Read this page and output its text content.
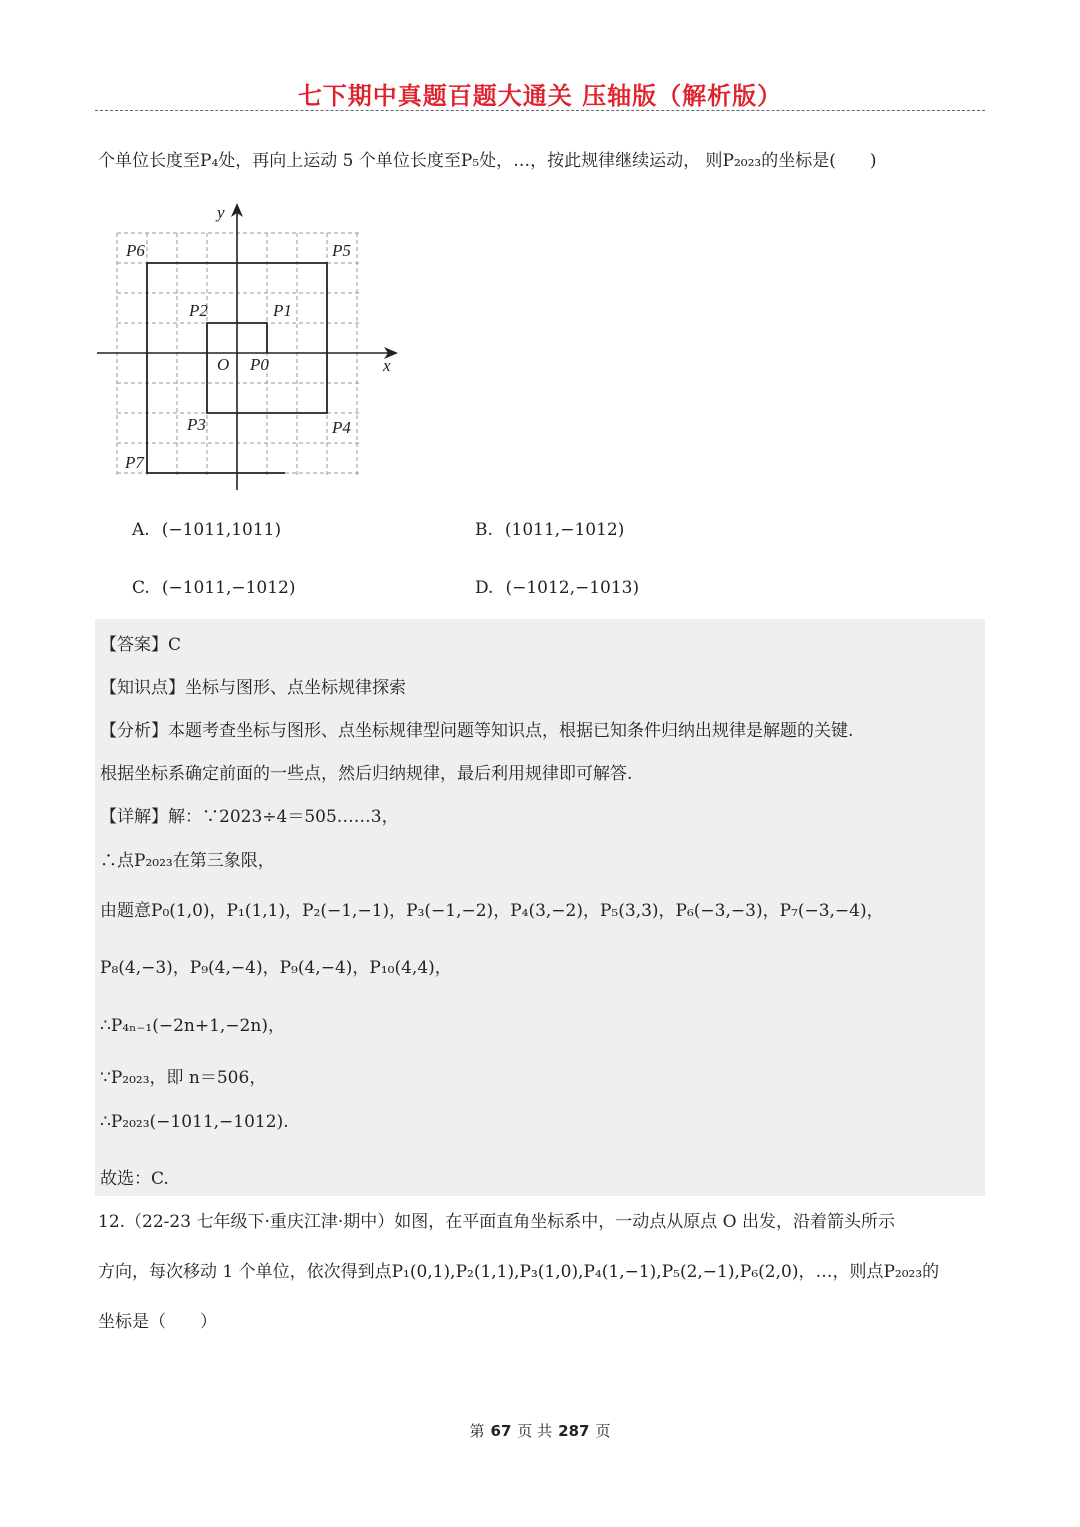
七下期中真题百题大通关 压轴版（解析版）
个单位长度至P₄处，再向上运动 5 个单位长度至P₅处，…，按此规律继续运动， 则P₂₀₂₃的坐标是(　　)
y
x
O
P6	P5
P2	P1
P0
P3	P4
P7
A. (−1011,1011)	B. (1011,−1012)
C. (−1011,−1012)	D. (−1012,−1013)
【答案】C
【知识点】坐标与图形、点坐标规律探索
【分析】本题考查坐标与图形、点坐标规律型问题等知识点，根据已知条件归纳出规律是解题的关键.
根据坐标系确定前面的一些点，然后归纳规律，最后利用规律即可解答.
【详解】解：∵2023÷4＝505……3，
∴点P₂₀₂₃在第三象限，
由题意P₀(1,0)，P₁(1,1)，P₂(−1,−1)，P₃(−1,−2)，P₄(3,−2)，P₅(3,3)，P₆(−3,−3)，P₇(−3,−4)，
P₈(4,−3)，P₉(4,−4)，P₉(4,−4)，P₁₀(4,4)，
∴P₄ₙ₋₁(−2n+1,−2n)，
∵P₂₀₂₃，即 n＝506，
∴P₂₀₂₃(−1011,−1012).
故选：C.
12.（22-23 七年级下·重庆江津·期中）如图，在平面直角坐标系中，一动点从原点 O 出发，沿着箭头所示
方向，每次移动 1 个单位，依次得到点P₁(0,1),P₂(1,1),P₃(1,0),P₄(1,−1),P₅(2,−1),P₆(2,0)，…，则点P₂₀₂₃的
坐标是（　　）
第 67 页 共 287 页
